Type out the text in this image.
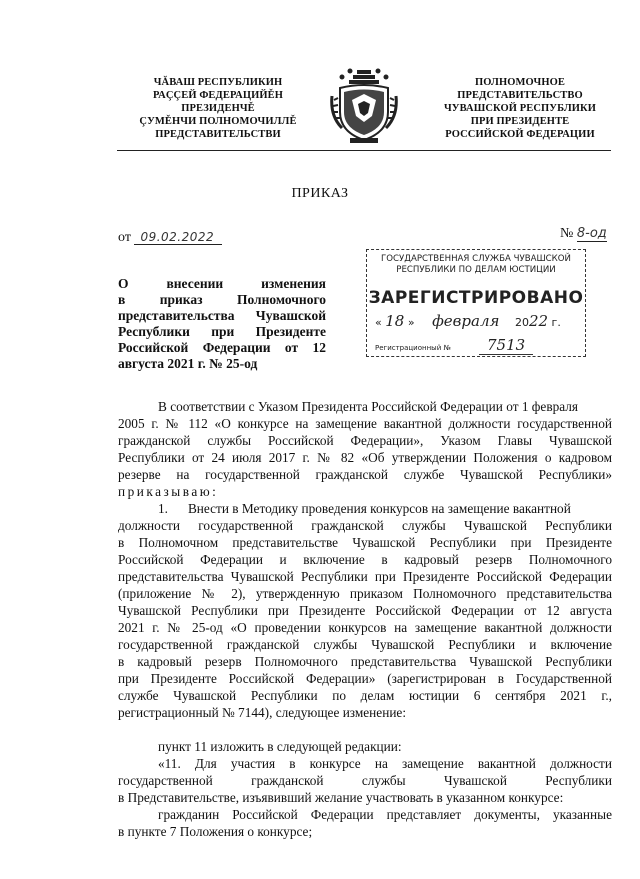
ЧĂВАШ РЕСПУБЛИКИН
РАÇÇЕЙ ФЕДЕРАЦИЙĚН
ПРЕЗИДЕНЧĚ
ÇУМĚНЧИ ПОЛНОМОЧИЛЛĚ
ПРЕДСТАВИТЕЛЬСТВИ
ПОЛНОМОЧНОЕ
ПРЕДСТАВИТЕЛЬСТВО
ЧУВАШСКОЙ РЕСПУБЛИКИ
ПРИ ПРЕЗИДЕНТЕ
РОССИЙСКОЙ ФЕДЕРАЦИИ
ПРИКАЗ
от 09.02.2022	№ 8-од
О	внесении	изменения
в	приказ	Полномочного
представительства Чувашской
Республики при Президенте
Российской Федерации от 12
августа 2021 г. № 25-од
ГОСУДАРСТВЕННАЯ СЛУЖБА ЧУВАШСКОЙ
РЕСПУБЛИКИ ПО ДЕЛАМ ЮСТИЦИИ
ЗАРЕГИСТРИРОВАНО
« 18 » февраля 2022 г.
Регистрационный № 7513
В соответствии с Указом Президента Российской Федерации от 1 февраля
2005 г. № 112 «О конкурсе на замещение вакантной должности государственной
гражданской службы Российской Федерации», Указом Главы Чувашской
Республики от 24 июля 2017 г. № 82 «Об утверждении Положения о кадровом
резерве на государственной гражданской службе Чувашской Республики»
приказываю:
1. Внести в Методику проведения конкурсов на замещение вакантной
должности государственной гражданской службы Чувашской Республики
в Полномочном представительстве Чувашской Республики при Президенте
Российской Федерации и включение в кадровый резерв Полномочного
представительства Чувашской Республики при Президенте Российской Федерации
(приложение № 2), утвержденную приказом Полномочного представительства
Чувашской Республики при Президенте Российской Федерации от 12 августа
2021 г. № 25-од «О проведении конкурсов на замещение вакантной должности
государственной гражданской службы Чувашской Республики и включение
в кадровый резерв Полномочного представительства Чувашской Республики
при Президенте Российской Федерации» (зарегистрирован в Государственной
службе Чувашской Республики по делам юстиции 6 сентября 2021 г.,
регистрационный № 7144), следующее изменение:
пункт 11 изложить в следующей редакции:
«11. Для участия в конкурсе на замещение вакантной должности
государственной гражданской службы Чувашской Республики
в Представительстве, изъявивший желание участвовать в указанном конкурсе:
гражданин Российской Федерации представляет документы, указанные
в пункте 7 Положения о конкурсе;
